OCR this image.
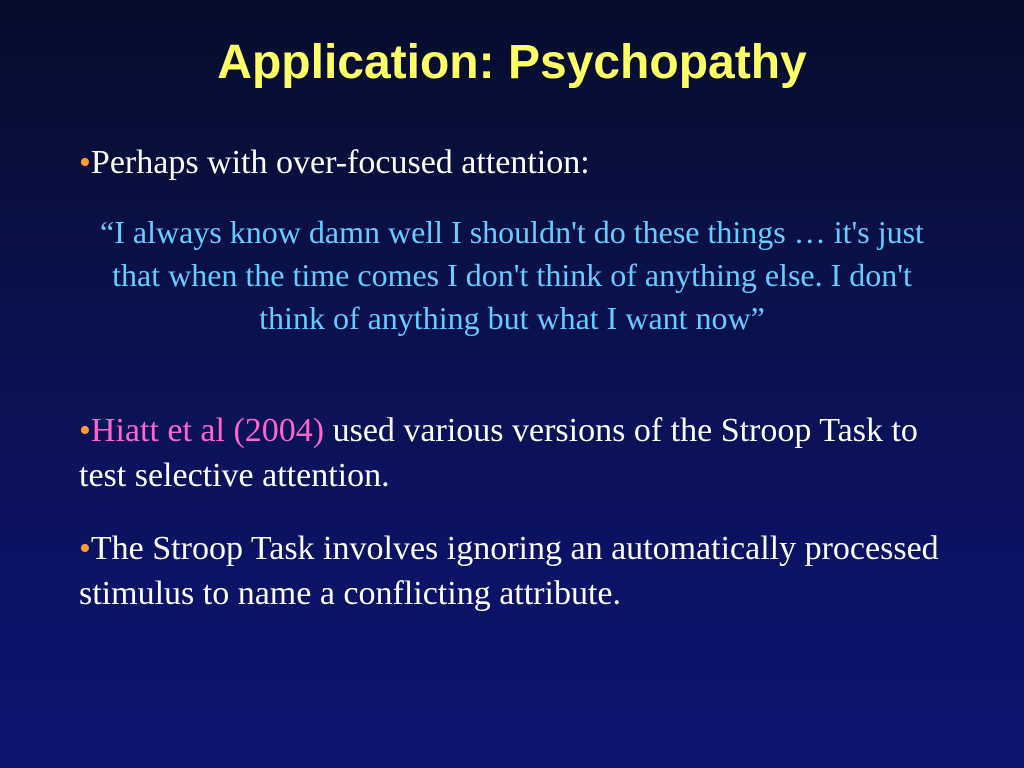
Application: Psychopathy
•Perhaps with over-focused attention:
“I always know damn well I shouldn't do these things … it's just that when the time comes I don't think of anything else. I don't think of anything but what I want now”
•Hiatt et al (2004) used various versions of the Stroop Task to test selective attention.
•The Stroop Task involves ignoring an automatically processed stimulus to name a conflicting attribute.
